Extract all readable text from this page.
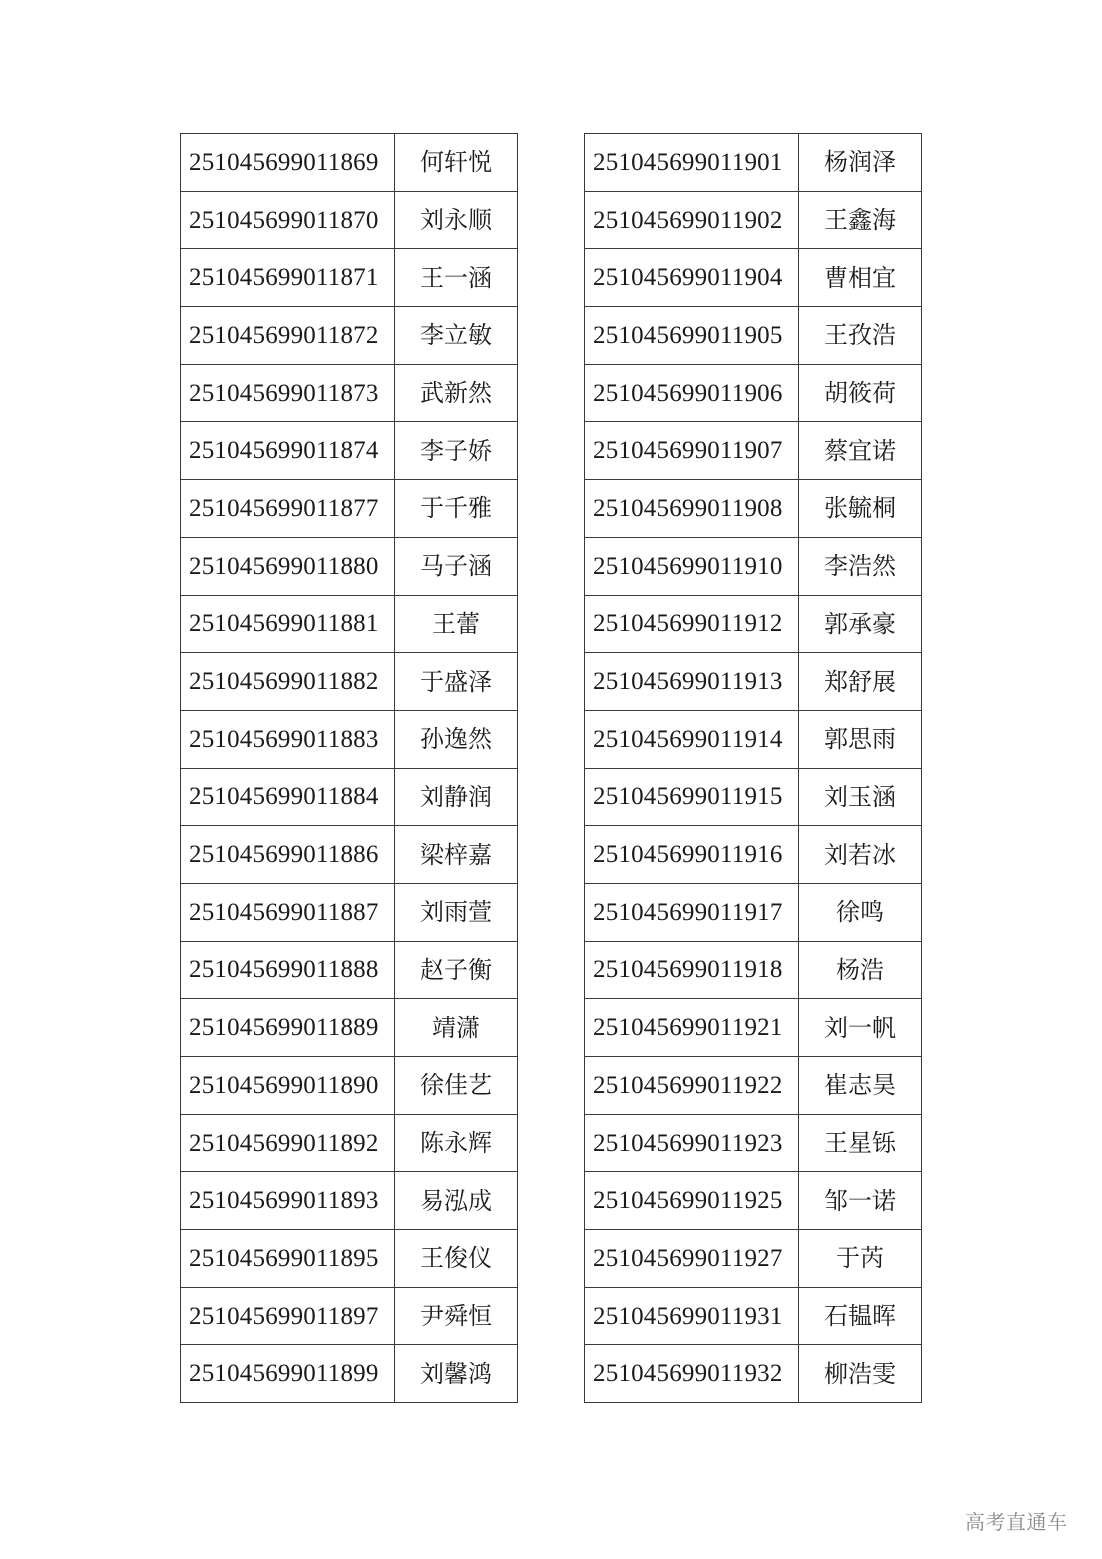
251045699011869	何轩悦
251045699011870	刘永顺
251045699011871	王一涵
251045699011872	李立敏
251045699011873	武新然
251045699011874	李子娇
251045699011877	于千雅
251045699011880	马子涵
251045699011881	王蕾
251045699011882	于盛泽
251045699011883	孙逸然
251045699011884	刘静润
251045699011886	梁梓嘉
251045699011887	刘雨萱
251045699011888	赵子衡
251045699011889	靖潇
251045699011890	徐佳艺
251045699011892	陈永辉
251045699011893	易泓成
251045699011895	王俊仪
251045699011897	尹舜恒
251045699011899	刘馨鸿
251045699011901	杨润泽
251045699011902	王鑫海
251045699011904	曹相宜
251045699011905	王孜浩
251045699011906	胡筱荷
251045699011907	蔡宜诺
251045699011908	张毓桐
251045699011910	李浩然
251045699011912	郭承豪
251045699011913	郑舒展
251045699011914	郭思雨
251045699011915	刘玉涵
251045699011916	刘若冰
251045699011917	徐鸣
251045699011918	杨浩
251045699011921	刘一帆
251045699011922	崔志昊
251045699011923	王星铄
251045699011925	邹一诺
251045699011927	于芮
251045699011931	石韫晖
251045699011932	柳浩雯
高考直通车
